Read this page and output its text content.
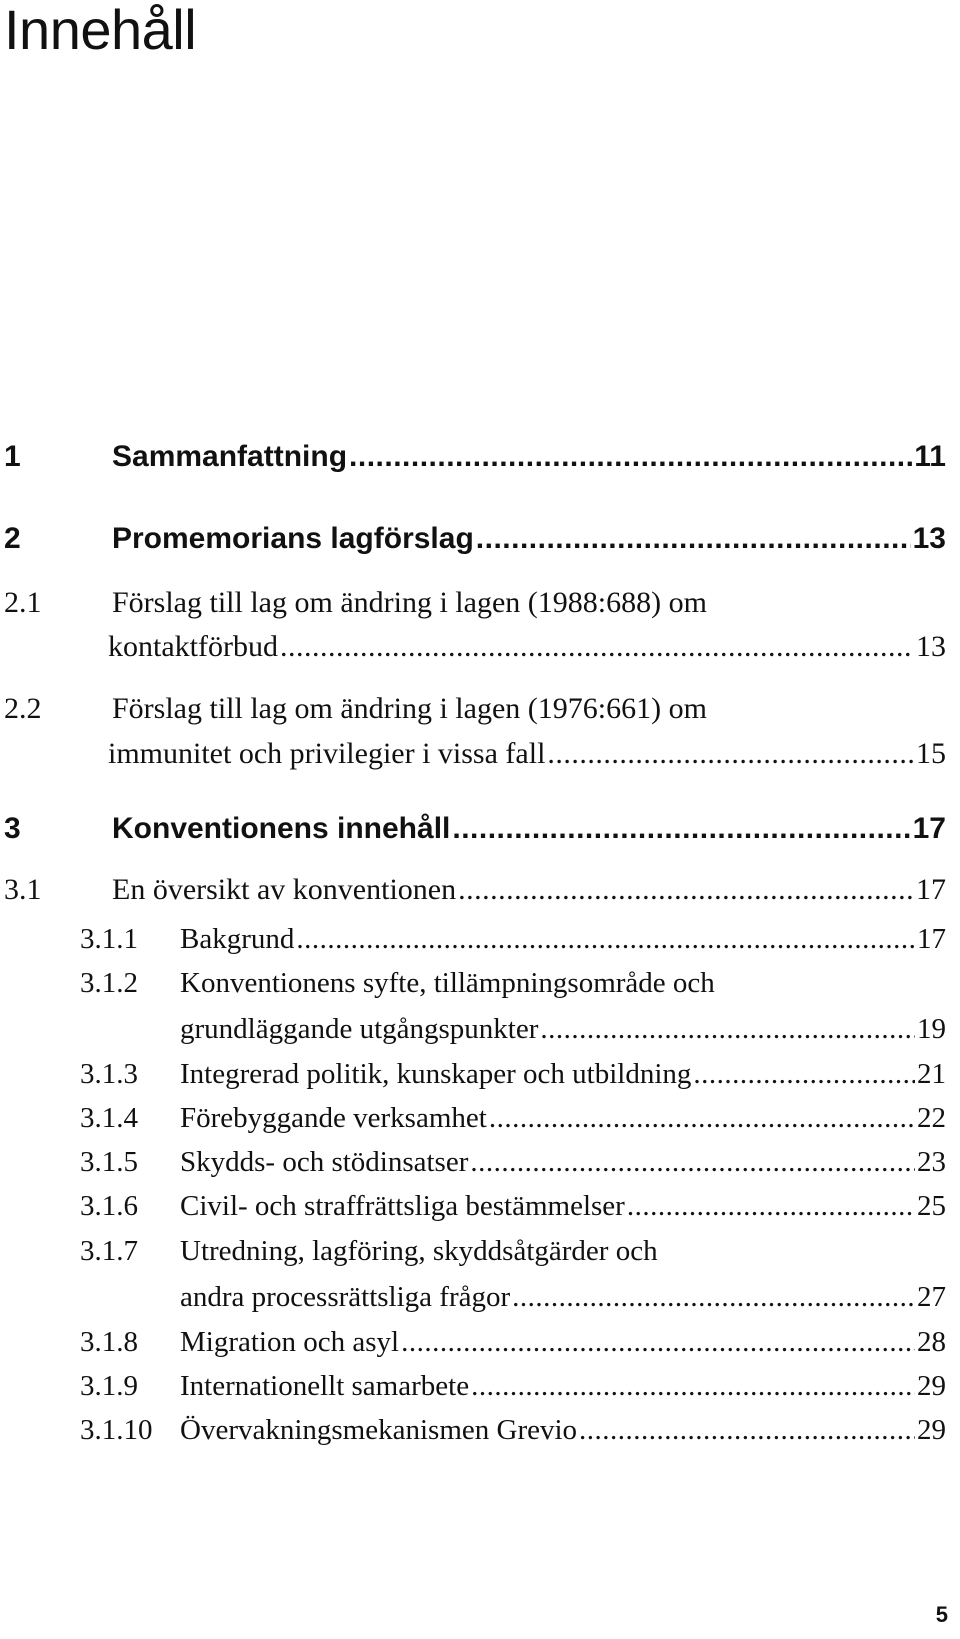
Innehåll
1	Sammanfattning .....	11
2	Promemorians lagförslag .....	13
2.1	Förslag till lag om ändring i lagen (1988:688) om
kontaktförbud .....	13
2.2	Förslag till lag om ändring i lagen (1976:661) om
immunitet och privilegier i vissa fall .....	15
3	Konventionens innehåll .....	17
3.1	En översikt av konventionen .....	17
3.1.1	Bakgrund .....	17
3.1.2	Konventionens syfte, tillämpningsområde och
grundläggande utgångspunkter .....	19
3.1.3	Integrerad politik, kunskaper och utbildning .....	21
3.1.4	Förebyggande verksamhet .....	22
3.1.5	Skydds- och stödinsatser .....	23
3.1.6	Civil- och straffrättsliga bestämmelser .....	25
3.1.7	Utredning, lagföring, skyddsåtgärder och
andra processrättsliga frågor .....	27
3.1.8	Migration och asyl .....	28
3.1.9	Internationellt samarbete .....	29
3.1.10 Övervakningsmekanismen Grevio .....	29
5
